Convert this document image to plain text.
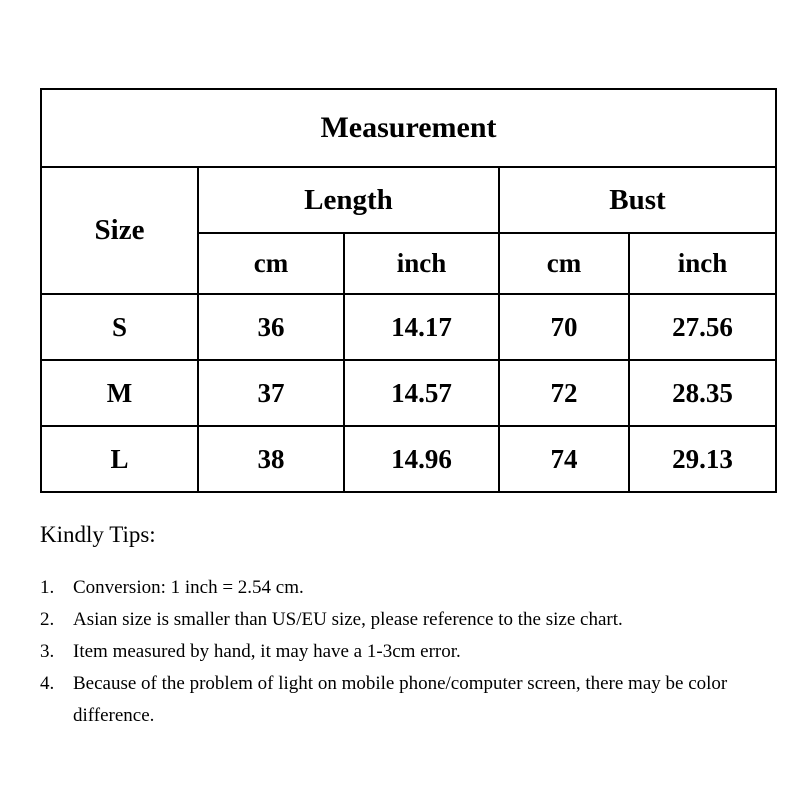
Measurement				
Size	Length		Bust	
	cm	inch	cm	inch
S	36	14.17	70	27.56
M	37	14.57	72	28.35
L	38	14.96	74	29.13
Kindly Tips:
1. Conversion: 1 inch = 2.54 cm.
2. Asian size is smaller than US/EU size, please reference to the size chart.
3. Item measured by hand, it may have a 1-3cm error.
4. Because of the problem of light on mobile phone/computer screen, there may be color difference.
